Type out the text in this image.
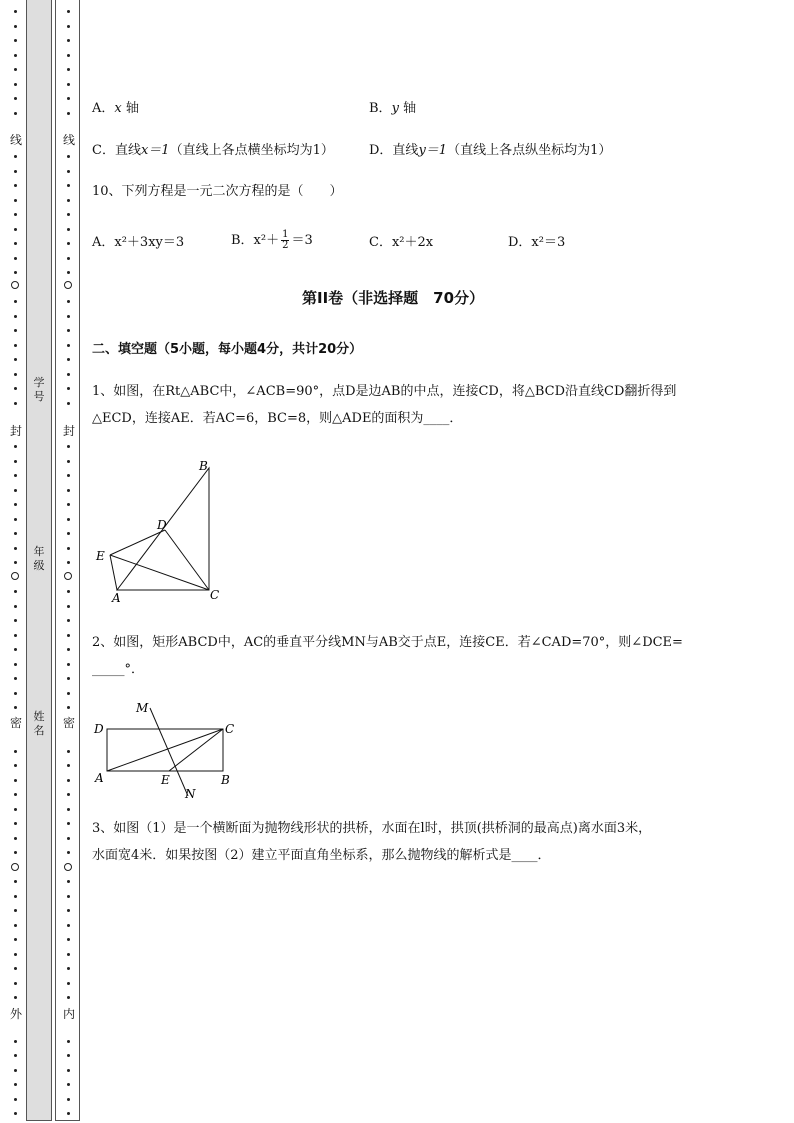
线
封
密
外
线
封
密
内
学号
年级
姓名
A．x 轴	B．y 轴
C．直线x＝1（直线上各点横坐标均为1）	D．直线y＝1（直线上各点纵坐标均为1）
10、下列方程是一元二次方程的是（　　）
A．x²＋3xy＝3	B．$x^2+ \frac{1}{2} =3$	C．x²＋2x	D．x²＝3
第II卷（非选择题　70分）
二、填空题（5小题，每小题4分，共计20分）
1、如图，在Rt△ABC中，∠ACB=90°，点D是边AB的中点，连接CD，将△BCD沿直线CD翻折得到
△ECD，连接AE．若AC=6，BC=8，则△ADE的面积为____．
2、如图，矩形ABCD中，AC的垂直平分线MN与AB交于点E，连接CE．若∠CAD=70°，则∠DCE=
_____°．
3、如图（1）是一个横断面为抛物线形状的拱桥，水面在l时，拱顶(拱桥洞的最高点)离水面3米，
水面宽4米．如果按图（2）建立平面直角坐标系，那么抛物线的解析式是____．
B
D
E
A	C
M
D	C
A	E	B
N
